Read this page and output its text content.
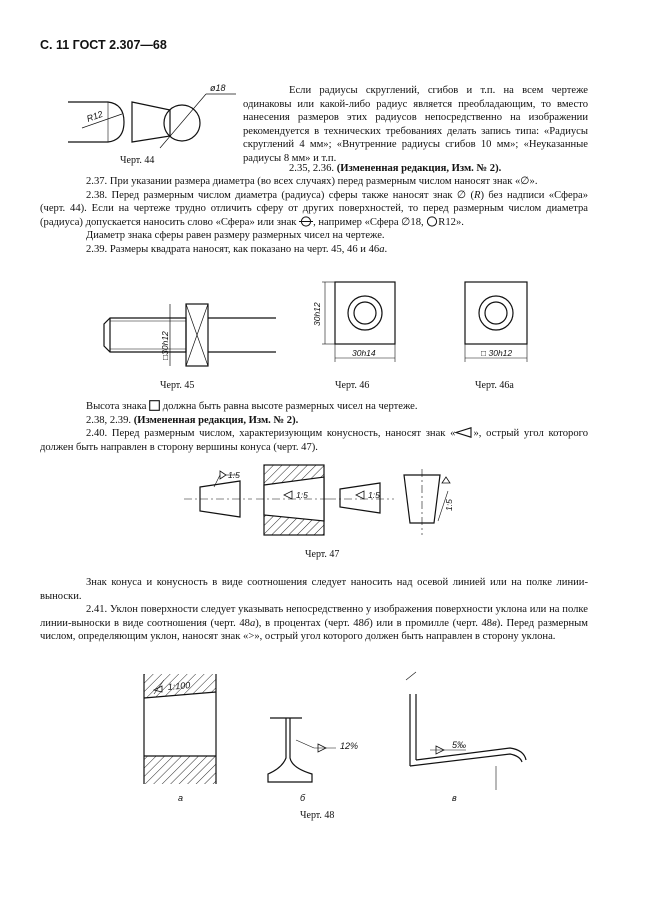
С. 11 ГОСТ 2.307—68
R12
ø18
Черт. 44

Если радиусы скруглений, сгибов и т.п. на всем чертеже одинаковы или какой-либо радиус является преобладающим, то вместо нанесения размеров этих радиусов непосредственно на изображении рекомендуется в технических требованиях делать запись типа: «Радиусы скруглений 4 мм»; «Внутренние радиусы сгибов 10 мм»; «Неуказанные радиусы 8 мм» и т.п.

2.35, 2.36. (Измененная редакция, Изм. № 2).

2.37. При указании размера диаметра (во всех случаях) перед размерным числом наносят знак «∅».

2.38. Перед размерным числом диаметра (радиуса) сферы также наносят знак ∅ (R) без надписи «Сфера» (черт. 44). Если на чертеже трудно отличить сферу от других поверхностей, то перед размерным числом диаметра (радиуса) допускается наносить слово «Сфера» или знак , например «Сфера ∅18, R12».

Диаметр знака сферы равен размеру размерных чисел на чертеже.

2.39. Размеры квадрата наносят, как показано на черт. 45, 46 и 46а.

□30h12
Черт. 45
30h12
30h14
Черт. 46
□ 30h12
Черт. 46а

Высота знака должна быть равна высоте размерных чисел на чертеже.

2.38, 2.39. (Измененная редакция, Изм. № 2).

2.40. Перед размерным числом, характеризующим конусность, наносят знак « », острый угол которого должен быть направлен в сторону вершины конуса (черт. 47).

1:5
1:5	1:5
1:5
Черт. 47

Знак конуса и конусность в виде соотношения следует наносить над осевой линией или на полке линии-выноски.

2.41. Уклон поверхности следует указывать непосредственно у изображения поверхности уклона или на полке линии-выноски в виде соотношения (черт. 48а), в процентах (черт. 48б) или в промилле (черт. 48в). Перед размерным числом, определяющим уклон, наносят знак «>», острый угол которого должен быть направлен в сторону уклона.

1:100
12%	5‰
а	б	в
Черт. 48
